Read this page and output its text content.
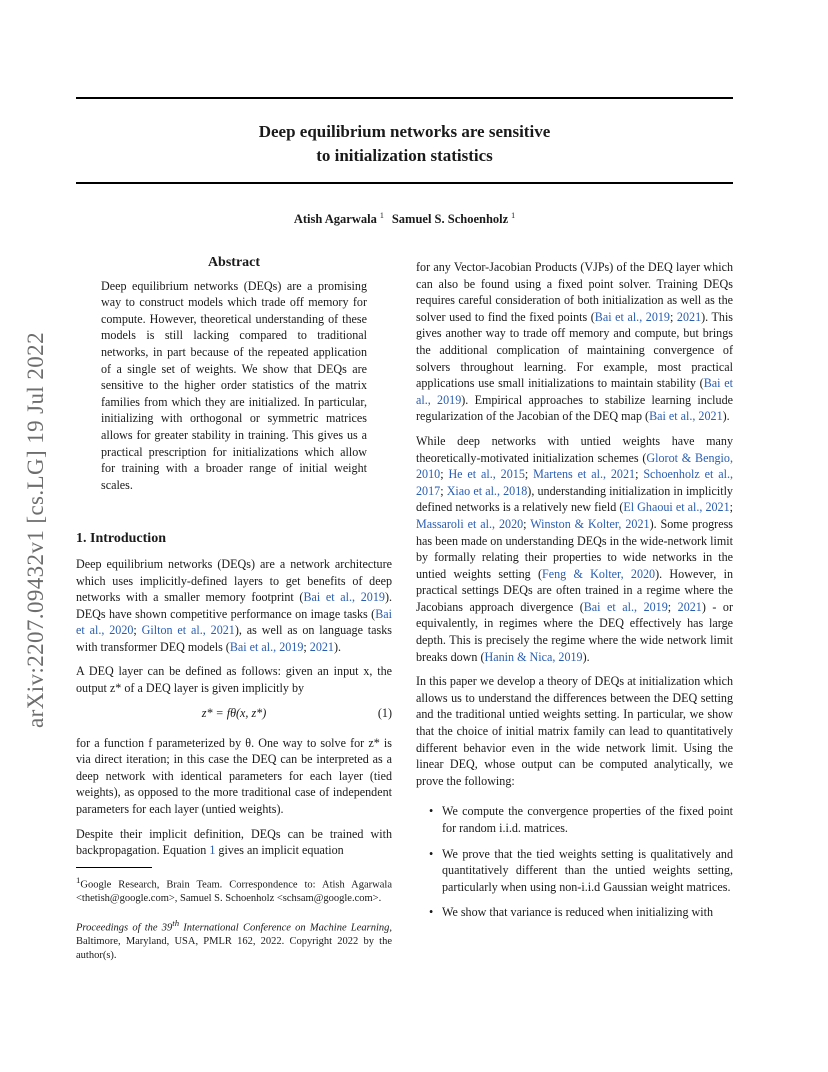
Deep equilibrium networks are sensitive
to initialization statistics
Atish Agarwala $^1$ Samuel S. Schoenholz $^1$
arXiv:2207.09432v1 [cs.LG] 19 Jul 2022
Abstract

Deep equilibrium networks (DEQs) are a promising way to construct models which trade off memory for compute. However, theoretical understanding of these models is still lacking compared to traditional networks, in part because of the repeated application of a single set of weights. We show that DEQs are sensitive to the higher order statistics of the matrix families from which they are initialized. In particular, initializing with orthogonal or symmetric matrices allows for greater stability in training. This gives us a practical prescription for initializations which allow for training with a broader range of initial weight scales.

1. Introduction

Deep equilibrium networks (DEQs) are a network architecture which uses implicitly-defined layers to get benefits of deep networks with a smaller memory footprint (Bai et al., 2019). DEQs have shown competitive performance on image tasks (Bai et al., 2020; Gilton et al., 2021), as well as on language tasks with transformer DEQ models (Bai et al., 2019; 2021).

A DEQ layer can be defined as follows: given an input x, the output z* of a DEQ layer is given implicitly by

z* = fθ(x, z*)	(1)

for a function f parameterized by θ. One way to solve for z* is via direct iteration; in this case the DEQ can be interpreted as a deep network with identical parameters for each layer (tied weights), as opposed to the more traditional case of independent parameters for each layer (untied weights).

Despite their implicit definition, DEQs can be trained with backpropagation. Equation 1 gives an implicit equation

$^1$Google Research, Brain Team. Correspondence to: Atish Agarwala <thetish@google.com>, Samuel S. Schoenholz <schsam@google.com>.
Proceedings of the 39th International Conference on Machine Learning, Baltimore, Maryland, USA, PMLR 162, 2022. Copyright 2022 by the author(s).

for any Vector-Jacobian Products (VJPs) of the DEQ layer which can also be found using a fixed point solver. Training DEQs requires careful consideration of both initialization as well as the solver used to find the fixed points (Bai et al., 2019; 2021). This gives another way to trade off memory and compute, but brings the additional complication of maintaining convergence of solvers throughout learning. For example, most practical applications use small initializations to maintain stability (Bai et al., 2019). Empirical approaches to stabilize learning include regularization of the Jacobian of the DEQ map (Bai et al., 2021).

While deep networks with untied weights have many theoretically-motivated initialization schemes (Glorot & Bengio, 2010; He et al., 2015; Martens et al., 2021; Schoenholz et al., 2017; Xiao et al., 2018), understanding initialization in implicitly defined networks is a relatively new field (El Ghaoui et al., 2021; Massaroli et al., 2020; Winston & Kolter, 2021). Some progress has been made on understanding DEQs in the wide-network limit by formally relating their properties to wide networks in the untied weights setting (Feng & Kolter, 2020). However, in practical settings DEQs are often trained in a regime where the Jacobians approach divergence (Bai et al., 2019; 2021) - or equivalently, in regimes where the DEQ effectively has large depth. This is precisely the regime where the wide network limit breaks down (Hanin & Nica, 2019).

In this paper we develop a theory of DEQs at initialization which allows us to understand the differences between the DEQ setting and the traditional untied weights setting. In particular, we show that the choice of initial matrix family can lead to quantitatively different behavior even in the wide network limit. Using the linear DEQ, whose output can be computed analytically, we prove the following:

• We compute the convergence properties of the fixed point for random i.i.d. matrices.
• We prove that the tied weights setting is qualitatively and quantitatively different than the untied weights setting, particularly when using non-i.i.d Gaussian weight matrices.
• We show that variance is reduced when initializing with
